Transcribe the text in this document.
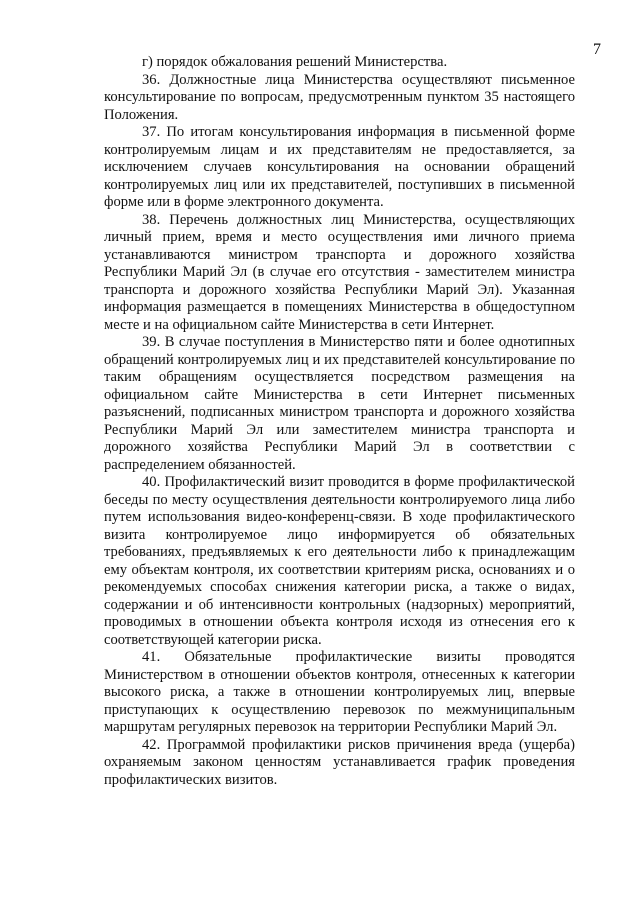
7

г) порядок обжалования решений Министерства.

36. Должностные лица Министерства осуществляют письменное консультирование по вопросам, предусмотренным пунктом 35 настоящего Положения.

37. По итогам консультирования информация в письменной форме контролируемым лицам и их представителям не предоставляется, за исключением случаев консультирования на основании обращений контролируемых лиц или их представителей, поступивших в письменной форме или в форме электронного документа.

38. Перечень должностных лиц Министерства, осуществляющих личный прием, время и место осуществления ими личного приема устанавливаются министром транспорта и дорожного хозяйства Республики Марий Эл (в случае его отсутствия - заместителем министра транспорта и дорожного хозяйства Республики Марий Эл). Указанная информация размещается в помещениях Министерства в общедоступном месте и на официальном сайте Министерства в сети Интернет.

39. В случае поступления в Министерство пяти и более однотипных обращений контролируемых лиц и их представителей консультирование по таким обращениям осуществляется посредством размещения на официальном сайте Министерства в сети Интернет письменных разъяснений, подписанных министром транспорта и дорожного хозяйства Республики Марий Эл или заместителем министра транспорта и дорожного хозяйства Республики Марий Эл в соответствии с распределением обязанностей.

40. Профилактический визит проводится в форме профилактической беседы по месту осуществления деятельности контролируемого лица либо путем использования видео-конференц-связи. В ходе профилактического визита контролируемое лицо информируется об обязательных требованиях, предъявляемых к его деятельности либо к принадлежащим ему объектам контроля, их соответствии критериям риска, основаниях и о рекомендуемых способах снижения категории риска, а также о видах, содержании и об интенсивности контрольных (надзорных) мероприятий, проводимых в отношении объекта контроля исходя из отнесения его к соответствующей категории риска.

41. Обязательные профилактические визиты проводятся Министерством в отношении объектов контроля, отнесенных к категории высокого риска, а также в отношении контролируемых лиц, впервые приступающих к осуществлению перевозок по межмуниципальным маршрутам регулярных перевозок на территории Республики Марий Эл.

42. Программой профилактики рисков причинения вреда (ущерба) охраняемым законом ценностям устанавливается график проведения профилактических визитов.
